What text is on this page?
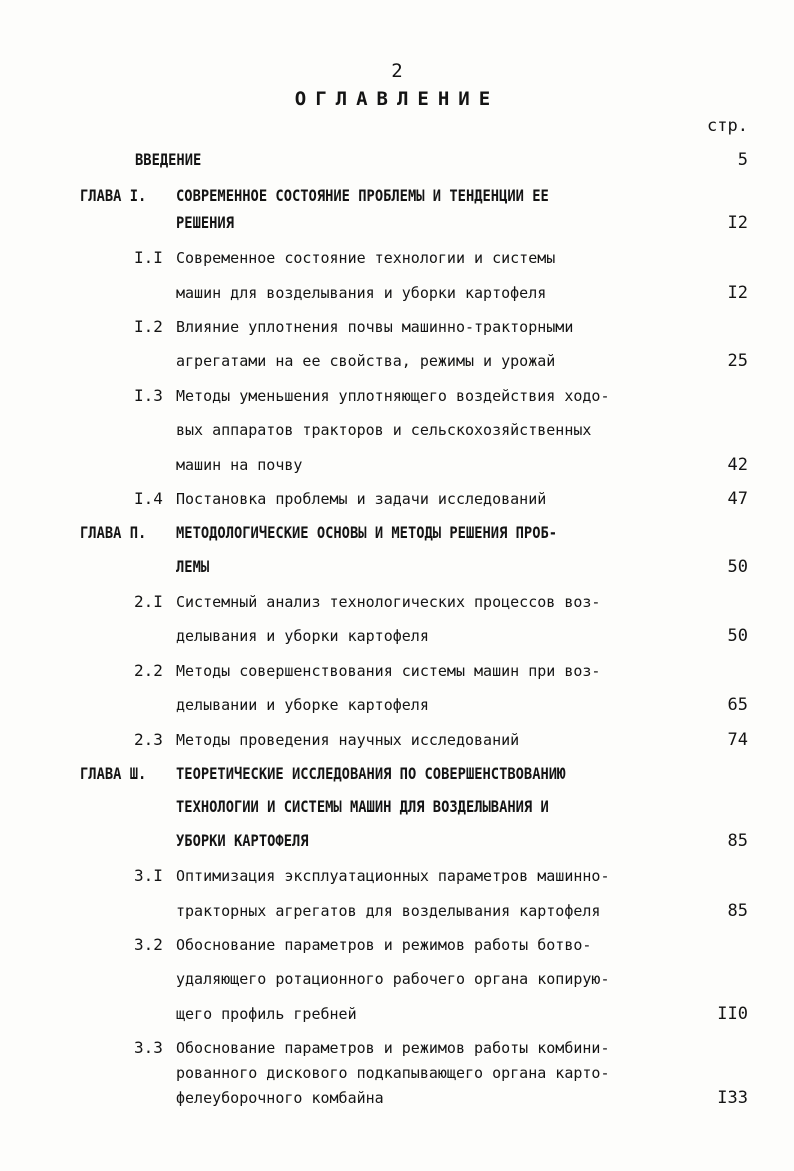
2
ОГЛАВЛЕНИЕ
стр.
ВВЕДЕНИЕ	5
ГЛАВА I.	СОВРЕМЕННОЕ СОСТОЯНИЕ ПРОБЛЕМЫ И ТЕНДЕНЦИИ ЕЕ
РЕШЕНИЯ	I2
I.I Современное состояние технологии и системы
машин для возделывания и уборки картофеля	I2
I.2 Влияние уплотнения почвы машинно-тракторными
агрегатами на ее свойства, режимы и урожай	25
I.3 Методы уменьшения уплотняющего воздействия ходо-
вых аппаратов тракторов и сельскохозяйственных
машин на почву	42
I.4 Постановка проблемы и задачи исследований	47
ГЛАВА П.	МЕТОДОЛОГИЧЕСКИЕ ОСНОВЫ И МЕТОДЫ РЕШЕНИЯ ПРОБ-
ЛЕМЫ	50
2.I Системный анализ технологических процессов воз-
делывания и уборки картофеля	50
2.2 Методы совершенствования системы машин при воз-
делывании и уборке картофеля	65
2.3 Методы проведения научных исследований	74
ГЛАВА Ш.	ТЕОРЕТИЧЕСКИЕ ИССЛЕДОВАНИЯ ПО СОВЕРШЕНСТВОВАНИЮ
ТЕХНОЛОГИИ И СИСТЕМЫ МАШИН ДЛЯ ВОЗДЕЛЫВАНИЯ И
УБОРКИ КАРТОФЕЛЯ	85
3.I Оптимизация эксплуатационных параметров машинно-
тракторных агрегатов для возделывания картофеля	85
3.2 Обоснование параметров и режимов работы ботво-
удаляющего ротационного рабочего органа копирую-
щего профиль гребней	II0
3.3 Обоснование параметров и режимов работы комбини-
рованного дискового подкапывающего органа карто-
фелеуборочного комбайна	I33
